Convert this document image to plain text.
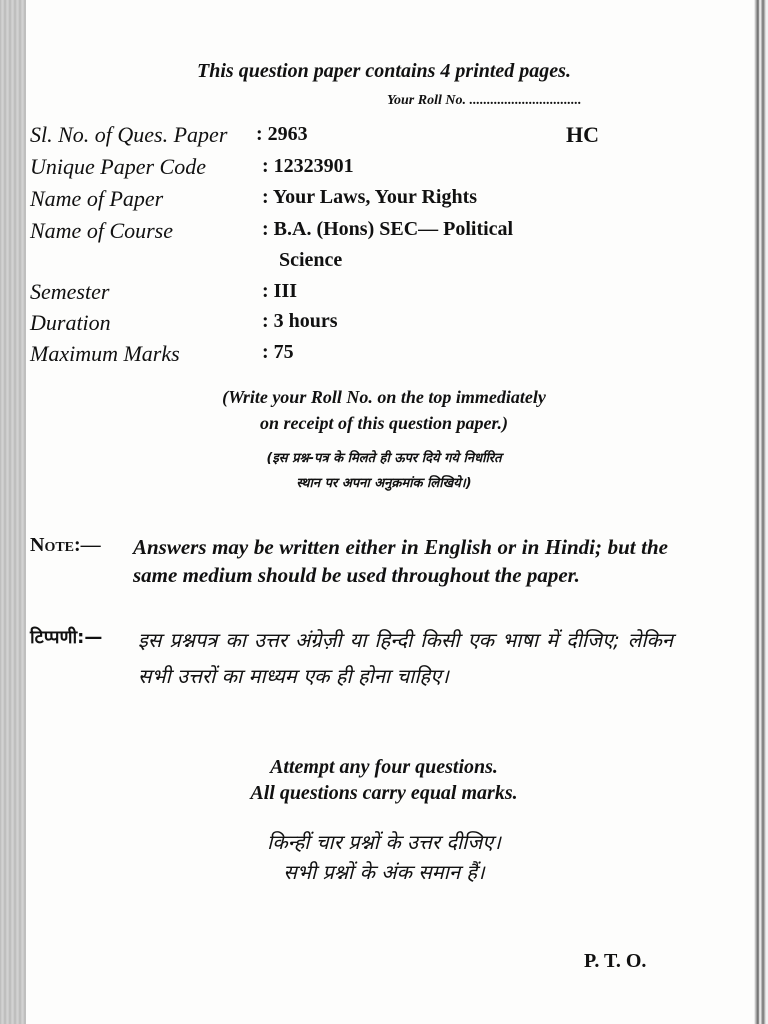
This question paper contains 4 printed pages.
Your Roll No. ................................
HC
Sl. No. of Ques. Paper : 2963
Unique Paper Code	: 12323901
Name of Paper	: Your Laws, Your Rights
Name of Course	: B.A. (Hons) SEC— Political
Science
Semester	: III
Duration	: 3 hours
Maximum Marks	: 75
(Write your Roll No. on the top immediately
on receipt of this question paper.)
(इस प्रश्न-पत्र के मिलते ही ऊपर दिये गये निर्धारित
स्थान पर अपना अनुक्रमांक लिखिये।)
Note:— Answers may be written either in English or in Hindi; but the same medium should be used throughout the paper.
टिप्पणी:— इस प्रश्नपत्र का उत्तर अंग्रेज़ी या हिन्दी किसी एक भाषा में दीजिए; लेकिन सभी उत्तरों का माध्यम एक ही होना चाहिए।
Attempt any four questions.
All questions carry equal marks.
किन्हीं चार प्रश्नों के उत्तर दीजिए।
सभी प्रश्नों के अंक समान हैं।
P. T. O.
